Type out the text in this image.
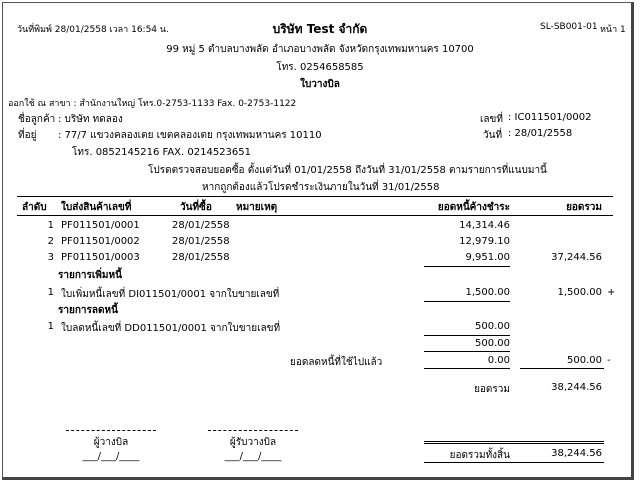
วันที่พิมพ์ 28/01/2558 เวลา 16:54 น.	บริษัท Test จำกัด	SL-SB001-01 หน้า 1
99 หมู่ 5 ตำบลบางพลัด อำเภอบางพลัด จังหวัดกรุงเทพมหานคร 10700
โทร. 0254658585
ใบวางบิล
ออกใช้ ณ สาขา : สำนักงานใหญ่ โทร.0-2753-1133 Fax. 0-2753-1122
ชื่อลูกค้า : บริษัท ทดลอง
ที่อยู่ : 77/7 แขวงคลองเตย เขตคลองเตย กรุงเทพมหานคร 10110
โทร. 0852145216 FAX. 0214523651
เลขที่ : IC011501/0002
วันที่ : 28/01/2558
โปรดตรวจสอบยอดซื้อ ตั้งแต่วันที่ 01/01/2558 ถึงวันที่ 31/01/2558 ตามรายการที่แนบมานี้
หากถูกต้องแล้วโปรดชำระเงินภายในวันที่ 31/01/2558
ลำดับ ใบส่งสินค้าเลขที่	วันที่ซื้อ หมายเหตุ	ยอดหนี้ค้างชำระ	ยอดรวม
1 PF011501/0001	28/01/2558	14,314.46
2 PF011501/0002	28/01/2558	12,979.10
3 PF011501/0003	28/01/2558	9,951.00	37,244.56
รายการเพิ่มหนี้
1 ใบเพิ่มหนี้เลขที่ DI011501/0001 จากใบขายเลขที่	1,500.00	1,500.00 +
รายการลดหนี้
1 ใบลดหนี้เลขที่ DD011501/0001 จากใบขายเลขที่	500.00
500.00
ยอดลดหนี้ที่ใช้ไปแล้ว	0.00	500.00 -
ยอดรวม	38,244.56
ผู้วางบิล
___/___/____
ผู้รับวางบิล
___/___/____	ยอดรวมทั้งสิ้น	38,244.56
